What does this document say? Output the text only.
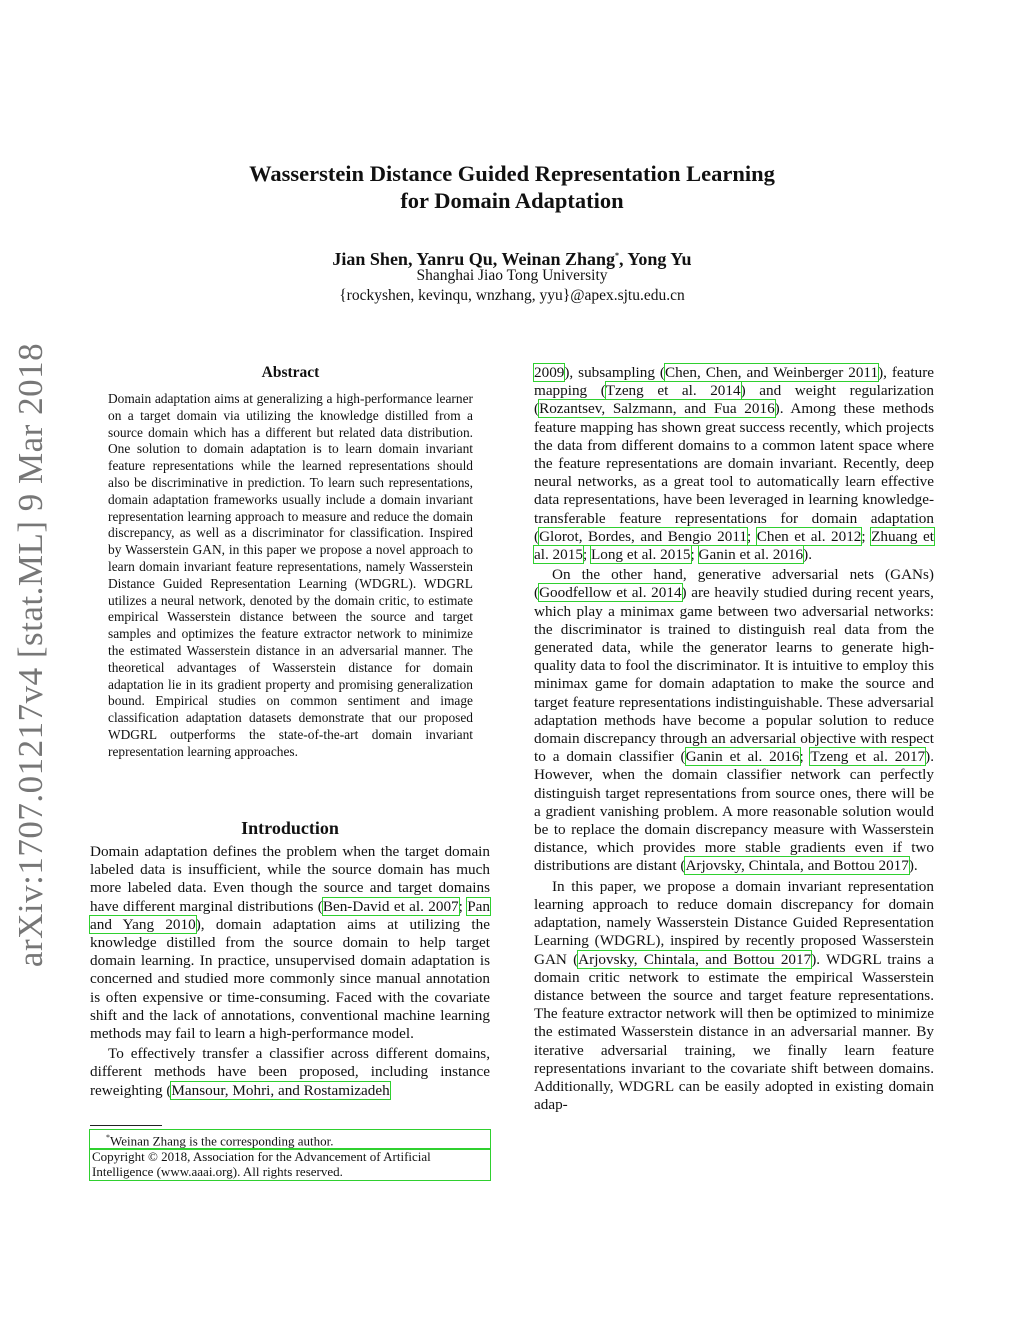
arXiv:1707.01217v4 [stat.ML] 9 Mar 2018
Wasserstein Distance Guided Representation Learning
for Domain Adaptation
Jian Shen, Yanru Qu, Weinan Zhang*, Yong Yu
Shanghai Jiao Tong University
{rockyshen, kevinqu, wnzhang, yyu}@apex.sjtu.edu.cn
Abstract
Domain adaptation aims at generalizing a high-performance learner on a target domain via utilizing the knowledge distilled from a source domain which has a different but related data distribution. One solution to domain adaptation is to learn domain invariant feature representations while the learned representations should also be discriminative in prediction. To learn such representations, domain adaptation frameworks usually include a domain invariant representation learning approach to measure and reduce the domain discrepancy, as well as a discriminator for classification. Inspired by Wasserstein GAN, in this paper we propose a novel approach to learn domain invariant feature representations, namely Wasserstein Distance Guided Representation Learning (WDGRL). WDGRL utilizes a neural network, denoted by the domain critic, to estimate empirical Wasserstein distance between the source and target samples and optimizes the feature extractor network to minimize the estimated Wasserstein distance in an adversarial manner. The theoretical advantages of Wasserstein distance for domain adaptation lie in its gradient property and promising generalization bound. Empirical studies on common sentiment and image classification adaptation datasets demonstrate that our proposed WDGRL outperforms the state-of-the-art domain invariant representation learning approaches.
Introduction

Domain adaptation defines the problem when the target domain labeled data is insufficient, while the source domain has much more labeled data. Even though the source and target domains have different marginal distributions (Ben-David et al. 2007; Pan and Yang 2010), domain adaptation aims at utilizing the knowledge distilled from the source domain to help target domain learning. In practice, unsupervised domain adaptation is concerned and studied more commonly since manual annotation is often expensive or time-consuming. Faced with the covariate shift and the lack of annotations, conventional machine learning methods may fail to learn a high-performance model.

To effectively transfer a classifier across different domains, different methods have been proposed, including instance reweighting (Mansour, Mohri, and Rostamizadeh

2009), subsampling (Chen, Chen, and Weinberger 2011), feature mapping (Tzeng et al. 2014) and weight regularization (Rozantsev, Salzmann, and Fua 2016). Among these methods feature mapping has shown great success recently, which projects the data from different domains to a common latent space where the feature representations are domain invariant. Recently, deep neural networks, as a great tool to automatically learn effective data representations, have been leveraged in learning knowledge-transferable feature representations for domain adaptation (Glorot, Bordes, and Bengio 2011; Chen et al. 2012; Zhuang et al. 2015; Long et al. 2015; Ganin et al. 2016).

On the other hand, generative adversarial nets (GANs) (Goodfellow et al. 2014) are heavily studied during recent years, which play a minimax game between two adversarial networks: the discriminator is trained to distinguish real data from the generated data, while the generator learns to generate high-quality data to fool the discriminator. It is intuitive to employ this minimax game for domain adaptation to make the source and target feature representations indistinguishable. These adversarial adaptation methods have become a popular solution to reduce domain discrepancy through an adversarial objective with respect to a domain classifier (Ganin et al. 2016; Tzeng et al. 2017). However, when the domain classifier network can perfectly distinguish target representations from source ones, there will be a gradient vanishing problem. A more reasonable solution would be to replace the domain discrepancy measure with Wasserstein distance, which provides more stable gradients even if two distributions are distant (Arjovsky, Chintala, and Bottou 2017).

In this paper, we propose a domain invariant representation learning approach to reduce domain discrepancy for domain adaptation, namely Wasserstein Distance Guided Representation Learning (WDGRL), inspired by recently proposed Wasserstein GAN (Arjovsky, Chintala, and Bottou 2017). WDGRL trains a domain critic network to estimate the empirical Wasserstein distance between the source and target feature representations. The feature extractor network will then be optimized to minimize the estimated Wasserstein distance in an adversarial manner. By iterative adversarial training, we finally learn feature representations invariant to the covariate shift between domains. Additionally, WDGRL can be easily adopted in existing domain adap-

*Weinan Zhang is the corresponding author.
Copyright © 2018, Association for the Advancement of Artificial Intelligence (www.aaai.org). All rights reserved.
